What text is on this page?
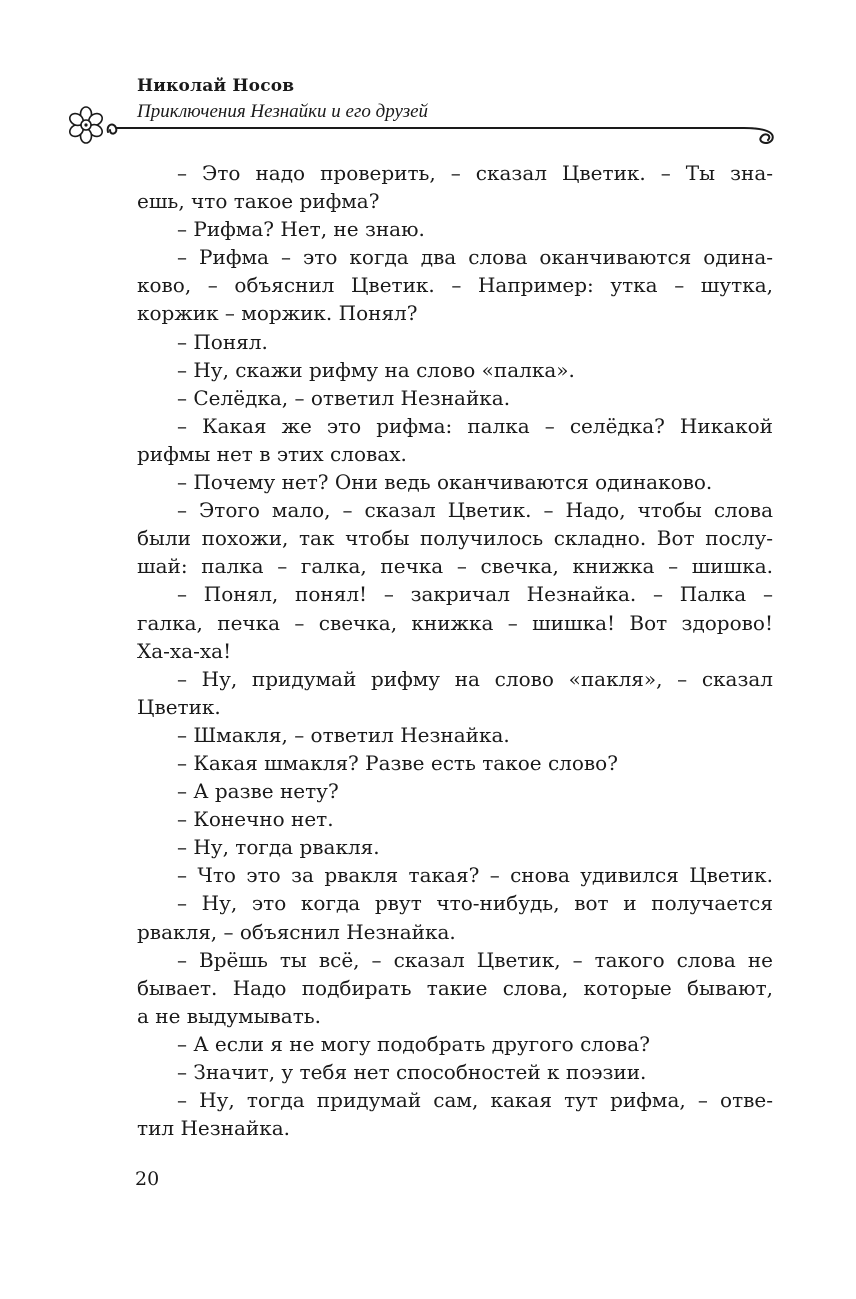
Николай Носов
Приключения Незнайки и его друзей
– Это надо проверить, – сказал Цветик. – Ты зна-
ешь, что такое рифма?
– Рифма? Нет, не знаю.
– Рифма – это когда два слова оканчиваются одина-
ково, – объяснил Цветик. – Например: утка – шутка,
коржик – моржик. Понял?
– Понял.
– Ну, скажи рифму на слово «палка».
– Селёдка, – ответил Незнайка.
– Какая же это рифма: палка – селёдка? Никакой
рифмы нет в этих словах.
– Почему нет? Они ведь оканчиваются одинаково.
– Этого мало, – сказал Цветик. – Надо, чтобы слова
были похожи, так чтобы получилось складно. Вот послу-
шай: палка – галка, печка – свечка, книжка – шишка.
– Понял, понял! – закричал Незнайка. – Палка –
галка, печка – свечка, книжка – шишка! Вот здорово!
Ха-ха-ха!
– Ну, придумай рифму на слово «пакля», – сказал
Цветик.
– Шмакля, – ответил Незнайка.
– Какая шмакля? Разве есть такое слово?
– А разве нету?
– Конечно нет.
– Ну, тогда рвакля.
– Что это за рвакля такая? – снова удивился Цветик.
– Ну, это когда рвут что-нибудь, вот и получается
рвакля, – объяснил Незнайка.
– Врёшь ты всё, – сказал Цветик, – такого слова не
бывает. Надо подбирать такие слова, которые бывают,
а не выдумывать.
– А если я не могу подобрать другого слова?
– Значит, у тебя нет способностей к поэзии.
– Ну, тогда придумай сам, какая тут рифма, – отве-
тил Незнайка.
20
